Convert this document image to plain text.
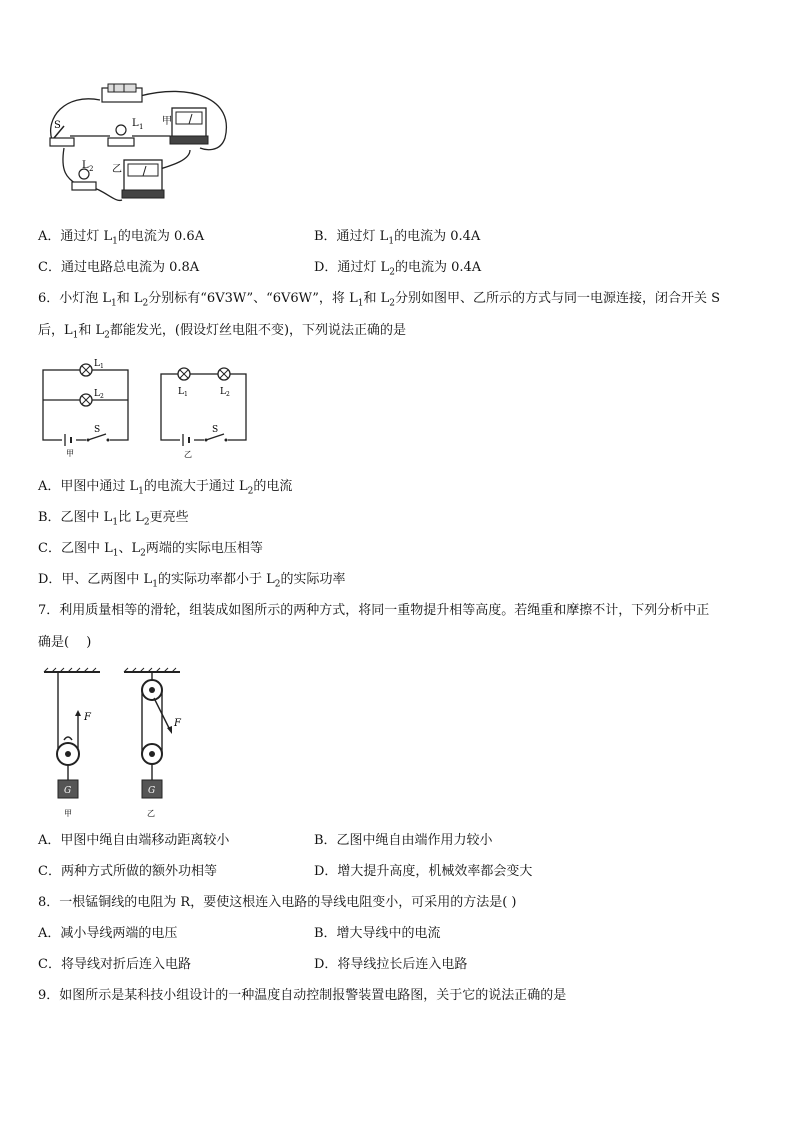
S	L 1 甲
L 2 乙
A．通过灯 $L_1$的电流为 0.6A	B．通过灯 $L_1$的电流为 0.4A
C．通过电路总电流为 0.8A	D．通过灯 $L_2$的电流为 0.4A
6．小灯泡 $L_1$和 $L_2$分别标有“6V3W”、“6V6W”，将 $L_1$和 $L_2$分别如图甲、乙所示的方式与同一电源连接，闭合开关 S
后，$L_1$和 $L_2$都能发光，(假设灯丝电阻不变)，下列说法正确的是
L 1
L 2
S
甲
L 1	L 2
S
乙
A．甲图中通过 $L_1$的电流大于通过 $L_2$的电流
B．乙图中 $L_1$比 $L_2$更亮些
C．乙图中 $L_1$、$L_2$两端的实际电压相等
D．甲、乙两图中 $L_1$的实际功率都小于 $L_2$的实际功率
7．利用质量相等的滑轮，组装成如图所示的两种方式，将同一重物提升相等高度。若绳重和摩擦不计，下列分析中正
确是(　 )
F
G
甲
F
G
乙
A．甲图中绳自由端移动距离较小	B．乙图中绳自由端作用力较小
C．两种方式所做的额外功相等	D．增大提升高度，机械效率都会变大
8．一根锰铜线的电阻为 R，要使这根连入电路的导线电阻变小，可采用的方法是( )
A．减小导线两端的电压	B．增大导线中的电流
C．将导线对折后连入电路	D．将导线拉长后连入电路
9．如图所示是某科技小组设计的一种温度自动控制报警装置电路图，关于它的说法正确的是
